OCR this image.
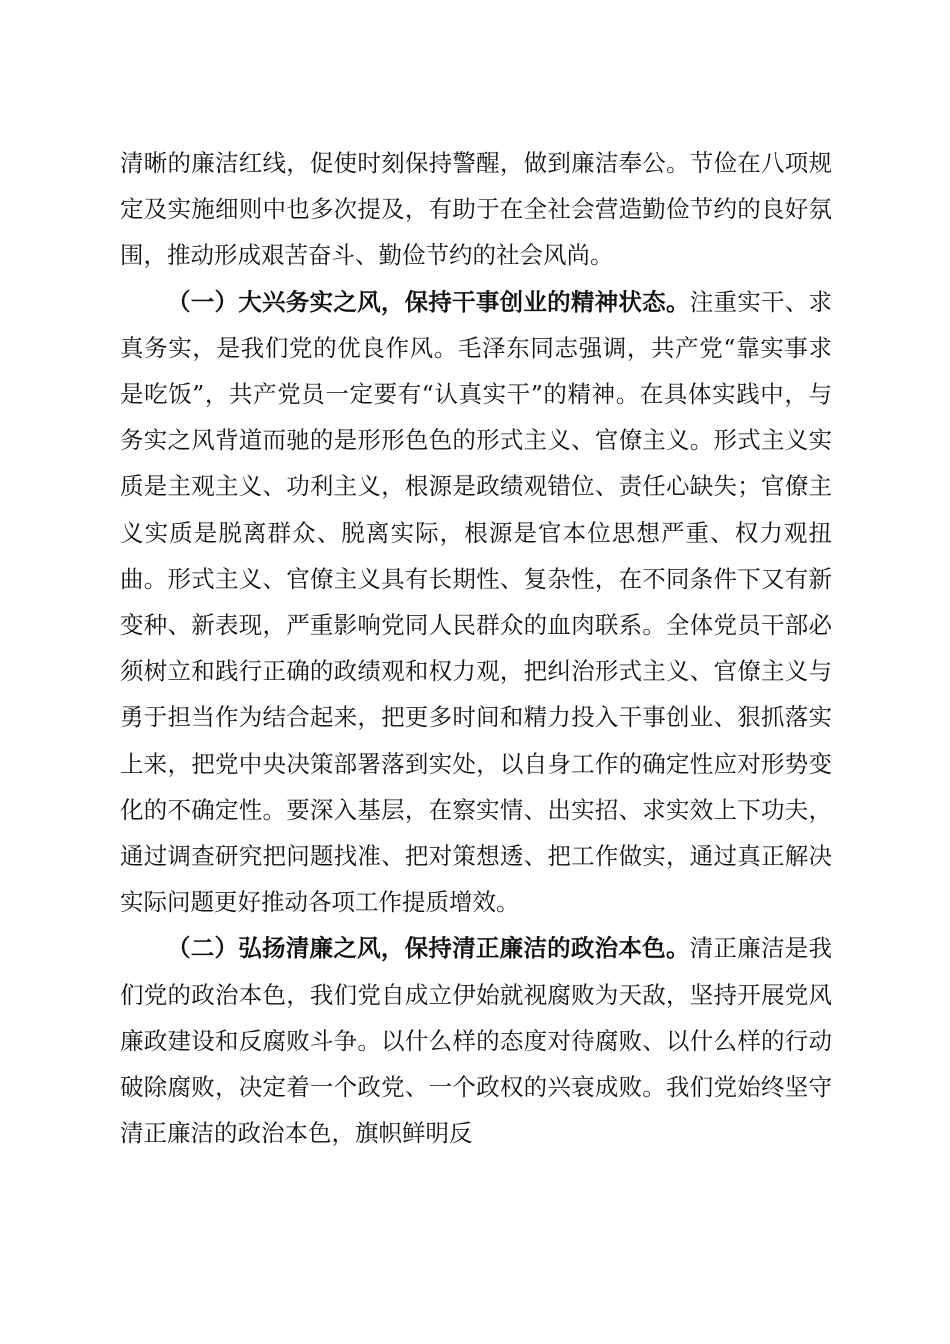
清晰的廉洁红线，促使时刻保持警醒，做到廉洁奉公。节俭在八项规定及实施细则中也多次提及，有助于在全社会营造勤俭节约的良好氛围，推动形成艰苦奋斗、勤俭节约的社会风尚。

（一）大兴务实之风，保持干事创业的精神状态。注重实干、求真务实，是我们党的优良作风。毛泽东同志强调，共产党“靠实事求是吃饭”，共产党员一定要有“认真实干”的精神。在具体实践中，与务实之风背道而驰的是形形色色的形式主义、官僚主义。形式主义实质是主观主义、功利主义，根源是政绩观错位、责任心缺失；官僚主义实质是脱离群众、脱离实际，根源是官本位思想严重、权力观扭曲。形式主义、官僚主义具有长期性、复杂性，在不同条件下又有新变种、新表现，严重影响党同人民群众的血肉联系。全体党员干部必须树立和践行正确的政绩观和权力观，把纠治形式主义、官僚主义与勇于担当作为结合起来，把更多时间和精力投入干事创业、狠抓落实上来，把党中央决策部署落到实处，以自身工作的确定性应对形势变化的不确定性。要深入基层，在察实情、出实招、求实效上下功夫，通过调查研究把问题找准、把对策想透、把工作做实，通过真正解决实际问题更好推动各项工作提质增效。

（二）弘扬清廉之风，保持清正廉洁的政治本色。清正廉洁是我们党的政治本色，我们党自成立伊始就视腐败为天敌，坚持开展党风廉政建设和反腐败斗争。以什么样的态度对待腐败、以什么样的行动破除腐败，决定着一个政党、一个政权的兴衰成败。我们党始终坚守清正廉洁的政治本色，旗帜鲜明反
